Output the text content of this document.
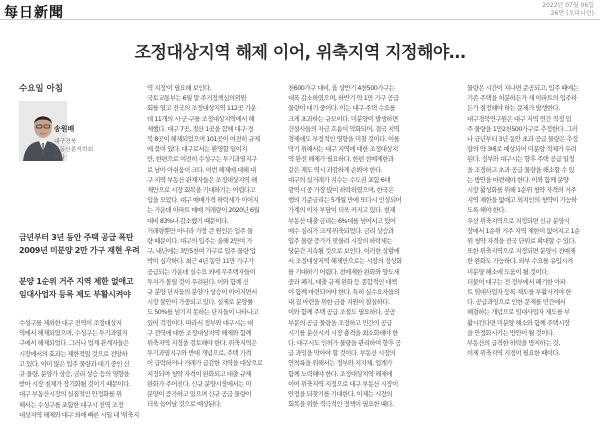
每日新聞	2022년 07월 06일
26면 (오피니언)
조정대상지역 해제 이어, 위축지역 지정해야…
수요일 아침
송원배
대구경북
부동산분석학회
이사
금년부터 3년 동안 주택 공급 폭탄
2009년 미분양 2만 가구 재현 우려
분양 1순위 거주 지역 제한 없애고
임대사업자 등록 제도 부활시켜야
수성구를 제외한 대구 전역이 조정대상지
역에서 해제되었으며, 수성구는 투기과열지
구에서 해제되었다. 그러나 업계 관계자들은
시장에서의 효과는 제한적일 것으로 전망하
고 있다. 이미 많은 입주 물량과 대기 중인 신
규 물량, 분양가 상승, 금리 상승 등의 영향을
받아 시장 침체가 장기화될 것이기 때문이다.
대구 부동산시장의 실질적인 안정화를 위
해서는 수성구를 포함한 대구시 전역 조정
대상지역 해제와 대구 외에 빠른 시일 내 '위축지
역 지정'이 필요해 보인다.
국토교통부는 6월 말 주거정책심의위원
회를 열고 전국의 조정대상지역 112곳 가운
데 11개의 시·군·구를 조정대상지역에서 해
제했다. 대구 7곳, 경산 1곳을 합해 대구·경
북 8곳이 해제되었으며 101곳이 여전히 규제
에 묶여 있다. 대구로서는 환영할 일이지
만, 한편으로 여전히 수성구는 투기과열지구
로 남아 아쉬움이 크다. 이번 해제에 대해 대
구 지역 부동산 관계자들은 조정대상지역 해
제만으로 시장 회복을 기대하기는 어렵다고
입을 모았다. 대구 매매가격 하락세가 이어지
는 가운데 아파트 매매 거래량이 2020년 6월
대비 83%나 감소했기 때문이다.
거래량뿐만 아니라 가장 큰 원인은 입주 물
량 때문이다. 대구의 입주는 올해 2만여 가
구, 내년에는 3만5천여 가구로 입주 물량 압
박이 심각하다. 최근 4년 동안 11만 가구가
공급되는 가운데 실수요 외에 무주택자들이
투자가 몰릴 것이 우려된다. 이와 함께 신
규 분양 단지들의 분양가 상승이 이어지면서
시장 불안이 가중되고 있다. 실제로 분양률
도 50%를 넘기지 못하는 단지들이 나타나고
있어 걱정이다. 따라서 정부와 대구시는 대
구 전역에 대한 조정대상지역 해제와 함께
위축지역 지정을 검토해야 한다. 위축지역은
투기과열지구와 반대 개념으로, 주택 가격
이 급락하거나 거래가 급감한 지역을 대상으로
지정되며 청약 자격이 완화되고 대출 규제
완화가 주어진다. 신규 분양시장에서는 미
분양이 증가하고 있으며 신규 공급 물량이
더욱 늘어날 것으로 예상된다.
천600가구 대비, 올 상반기 4천500가구는
대폭 감소하였으며, 하반기 약 1만 가구 공급
물량이 대기 중이다. 이는 대구 주택 수요를
크게 초과하는 규모이다. 미분양이 발생하면
건설사들의 자금 흐름이 악화되어, 결국 지역
경제에도 부정적인 영향을 미칠 것이다. 이를
막기 위해서는 대구 지역에 대한 조정대상지
역 완전 해제가 필요하다. 한편 전매제한과
같은 제도 역시 과감하게 손봐야 한다.
대구의 실거래가 지수는 수도권 포함 6대
광역시 중 가장 많이 하락하였으며, 한국은
행의 기준금리는 5개월 만에 또다시 인상되어
가계의 이자 부담이 더욱 커지고 있다. 현재
부동산 대출 금리는 6%대를 넘어서고 있어
매수 심리가 크게 위축되었다. 금리 상승과
입주 물량 증가가 맞물려 시장의 하락세는
당분간 지속될 것으로 보인다. 이러한 상황에
서 조정대상지역 해제만으로는 시장의 정상화
를 기대하기 어렵다. 전매제한 완화와 양도세
중과 폐지, 대출 규제 완화 등 종합적인 대책
이 함께 마련되어야 한다. 특히 실수요자들의
내 집 마련을 위한 금융 지원이 절실하다.
이와 함께 주택 공급 조절도 필요하다. 공공
부문의 공급 물량을 조정하고 민간의 공급
시기를 분산시켜 시장 충격을 최소화해야 한
다. 대구시도 인허가 물량을 관리하여 향후 공
급 과잉을 막아야 할 것이다. 부동산 시장의
연착륙을 위해서는 정부와 지자체, 업계가
함께 노력해야 한다. 조정대상지역 해제에
이어 위축지역 지정으로 대구 부동산 시장이
안정을 되찾기를 기대한다. 이제는 시장의
회복을 위한 적극적인 정책이 필요한 때다.
물량은 시간이 지나면 준공되고, 입주 때에는
기존 주택을 처분하든가 새 아파트의 입주하
든가 결정해야 하는 문제가 발생한다.
대구경북연구원은 대구 지역 연간 적정 입
주 물량을 1만2천500가구로 추정한다. 그러
나 금년부터 3년 동안 초과 공급 물량은 추정
량의 약 3배로 예상되어 미분양 적체가 우려
된다. 정부와 대구시는 향후 주택 공급 일정
을 조정하고 초과 공급 물량을 해소할 수 있
는 방안을 마련해야 한다. 이와 함께 분양
시장 활성화를 위해 1순위 청약 자격의 거주
지역 제한을 없애고 외지인의 청약이 가능하
도록 해야 한다.
우선 위축지역으로 지정되면 신규 분양시
장에서 1순위 거주 지역 제한이 없어지고 1순
위 청약 자격을 전국 단위로 확대할 수 있다.
또한 위축지역으로 지정되면 분양시 전매제
한 완화도 가능하다. 외부 수요를 유입시켜
미분양 해소에 도움이 될 것이다.
더불어 대구는 전 정부에서 폐기한 아파
트 임대사업자 등록 제도를 부활시켜야 한
다. 공급과잉으로 인한 문제를 민간에서
해결하는 개념으로 임대사업자 제도를 부
활시킨다면 미분양 해소와 함께 주택시장
을 안정화시키는 방안이 될 것이다.
부동산의 급격한 하락을 방지하는 것,
이제 위축지역 지정이 필요한 때이다.
